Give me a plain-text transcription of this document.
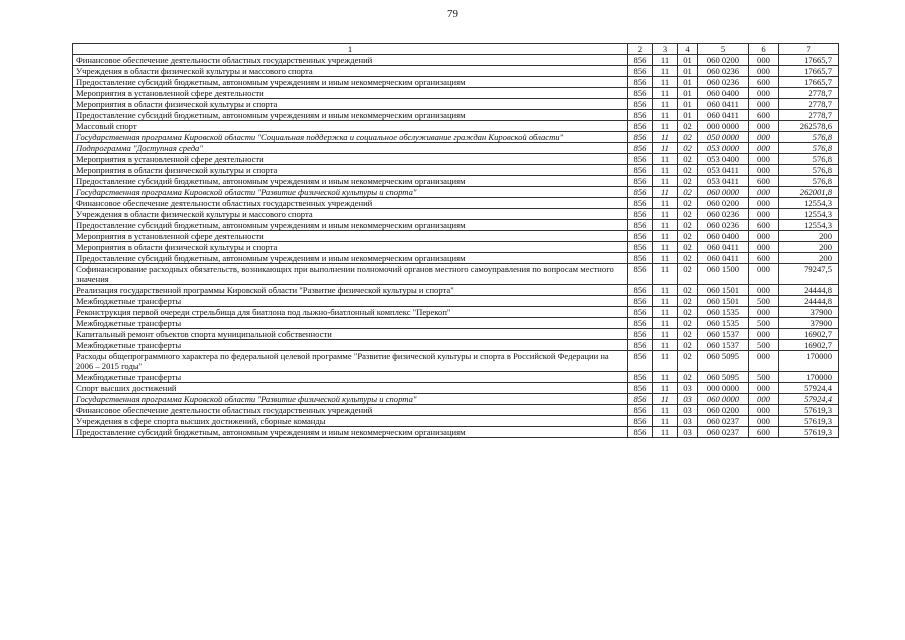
79
1	2	3	4	5	6	7
Финансовое обеспечение деятельности областных государственных учреждений	856	11	01	060 0200	000	17665,7
Учреждения в области физической культуры и массового спорта	856	11	01	060 0236	000	17665,7
Предоставление субсидий бюджетным, автономным учреждениям и иным некоммерческим организациям	856	11	01	060 0236	600	17665,7
Мероприятия в установленной сфере деятельности	856	11	01	060 0400	000	2778,7
Мероприятия в области физической культуры и спорта	856	11	01	060 0411	000	2778,7
Предоставление субсидий бюджетным, автономным учреждениям и иным некоммерческим организациям	856	11	01	060 0411	600	2778,7
Массовый спорт	856	11	02	000 0000	000	262578,6
Государственная программа Кировской области "Социальная поддержка и социальное обслуживание граждан Кировской области"	856	11	02	050 0000	000	576,8
Подпрограмма "Доступная среда"	856	11	02	053 0000	000	576,8
Мероприятия в установленной сфере деятельности	856	11	02	053 0400	000	576,8
Мероприятия в области физической культуры и спорта	856	11	02	053 0411	000	576,8
Предоставление субсидий бюджетным, автономным учреждениям и иным некоммерческим организациям	856	11	02	053 0411	600	576,8
Государственная программа Кировской области "Развитие физической культуры и спорта"	856	11	02	060 0000	000	262001,8
Финансовое обеспечение деятельности областных государственных учреждений	856	11	02	060 0200	000	12554,3
Учреждения в области физической культуры и массового спорта	856	11	02	060 0236	000	12554,3
Предоставление субсидий бюджетным, автономным учреждениям и иным некоммерческим организациям	856	11	02	060 0236	600	12554,3
Мероприятия в установленной сфере деятельности	856	11	02	060 0400	000	200
Мероприятия в области физической культуры и спорта	856	11	02	060 0411	000	200
Предоставление субсидий бюджетным, автономным учреждениям и иным некоммерческим организациям	856	11	02	060 0411	600	200
Софинансирование расходных обязательств, возникающих при выполнении полномочий органов местного самоуправления по вопросам местного значения	856	11	02	060 1500	000	79247,5
Реализация государственной программы Кировской области "Развитие физической культуры и спорта"	856	11	02	060 1501	000	24444,8
Межбюджетные трансферты	856	11	02	060 1501	500	24444,8
Реконструкция первой очереди стрельбища для биатлона под лыжно-биатлонный комплекс "Перекоп"	856	11	02	060 1535	000	37900
Межбюджетные трансферты	856	11	02	060 1535	500	37900
Капитальный ремонт объектов спорта муниципальной собственности	856	11	02	060 1537	000	16902,7
Межбюджетные трансферты	856	11	02	060 1537	500	16902,7
Расходы общепрограммного характера по федеральной целевой программе "Развитие физической культуры и спорта в Российской Федерации на 2006 – 2015 годы"	856	11	02	060 5095	000	170000
Межбюджетные трансферты	856	11	02	060 5095	500	170000
Спорт высших достижений	856	11	03	000 0000	000	57924,4
Государственная программа Кировской области "Развитие физической культуры и спорта"	856	11	03	060 0000	000	57924,4
Финансовое обеспечение деятельности областных государственных учреждений	856	11	03	060 0200	000	57619,3
Учреждения в сфере спорта высших достижений, сборные команды	856	11	03	060 0237	000	57619,3
Предоставление субсидий бюджетным, автономным учреждениям и иным некоммерческим организациям	856	11	03	060 0237	600	57619,3
